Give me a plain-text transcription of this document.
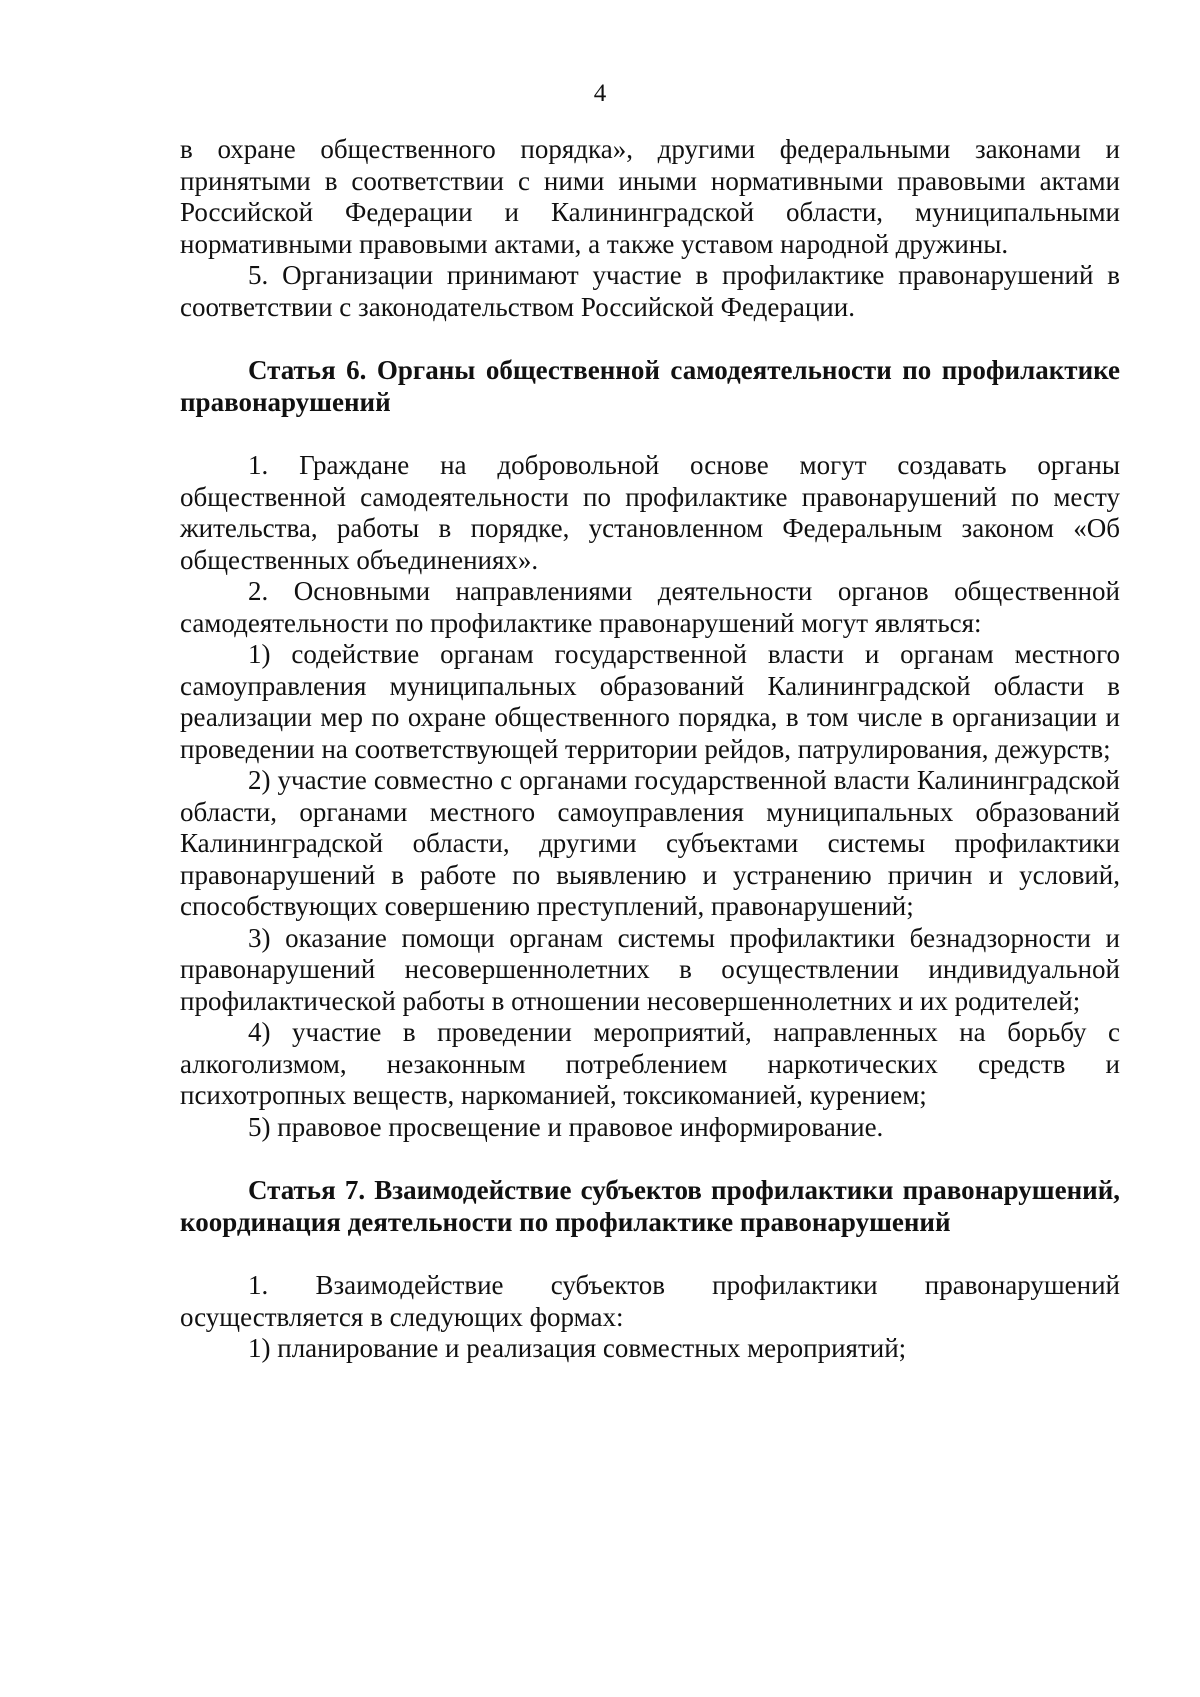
4

в охране общественного порядка», другими федеральными законами и принятыми в соответствии с ними иными нормативными правовыми актами Российской Федерации и Калининградской области, муниципальными нормативными правовыми актами, а также уставом народной дружины.

5. Организации принимают участие в профилактике правонарушений в соответствии с законодательством Российской Федерации.

Статья 6. Органы общественной самодеятельности по профилактике правонарушений

1. Граждане на добровольной основе могут создавать органы общественной самодеятельности по профилактике правонарушений по месту жительства, работы в порядке, установленном Федеральным законом «Об общественных объединениях».

2. Основными направлениями деятельности органов общественной самодеятельности по профилактике правонарушений могут являться:

1) содействие органам государственной власти и органам местного самоуправления муниципальных образований Калининградской области в реализации мер по охране общественного порядка, в том числе в организации и проведении на соответствующей территории рейдов, патрулирования, дежурств;

2) участие совместно с органами государственной власти Калининградской области, органами местного самоуправления муниципальных образований Калининградской области, другими субъектами системы профилактики правонарушений в работе по выявлению и устранению причин и условий, способствующих совершению преступлений, правонарушений;

3) оказание помощи органам системы профилактики безнадзорности и правонарушений несовершеннолетних в осуществлении индивидуальной профилактической работы в отношении несовершеннолетних и их родителей;

4) участие в проведении мероприятий, направленных на борьбу с алкоголизмом, незаконным потреблением наркотических средств и психотропных веществ, наркоманией, токсикоманией, курением;

5) правовое просвещение и правовое информирование.

Статья 7. Взаимодействие субъектов профилактики правонарушений, координация деятельности по профилактике правонарушений

1. Взаимодействие субъектов профилактики правонарушений осуществляется в следующих формах:

1) планирование и реализация совместных мероприятий;
